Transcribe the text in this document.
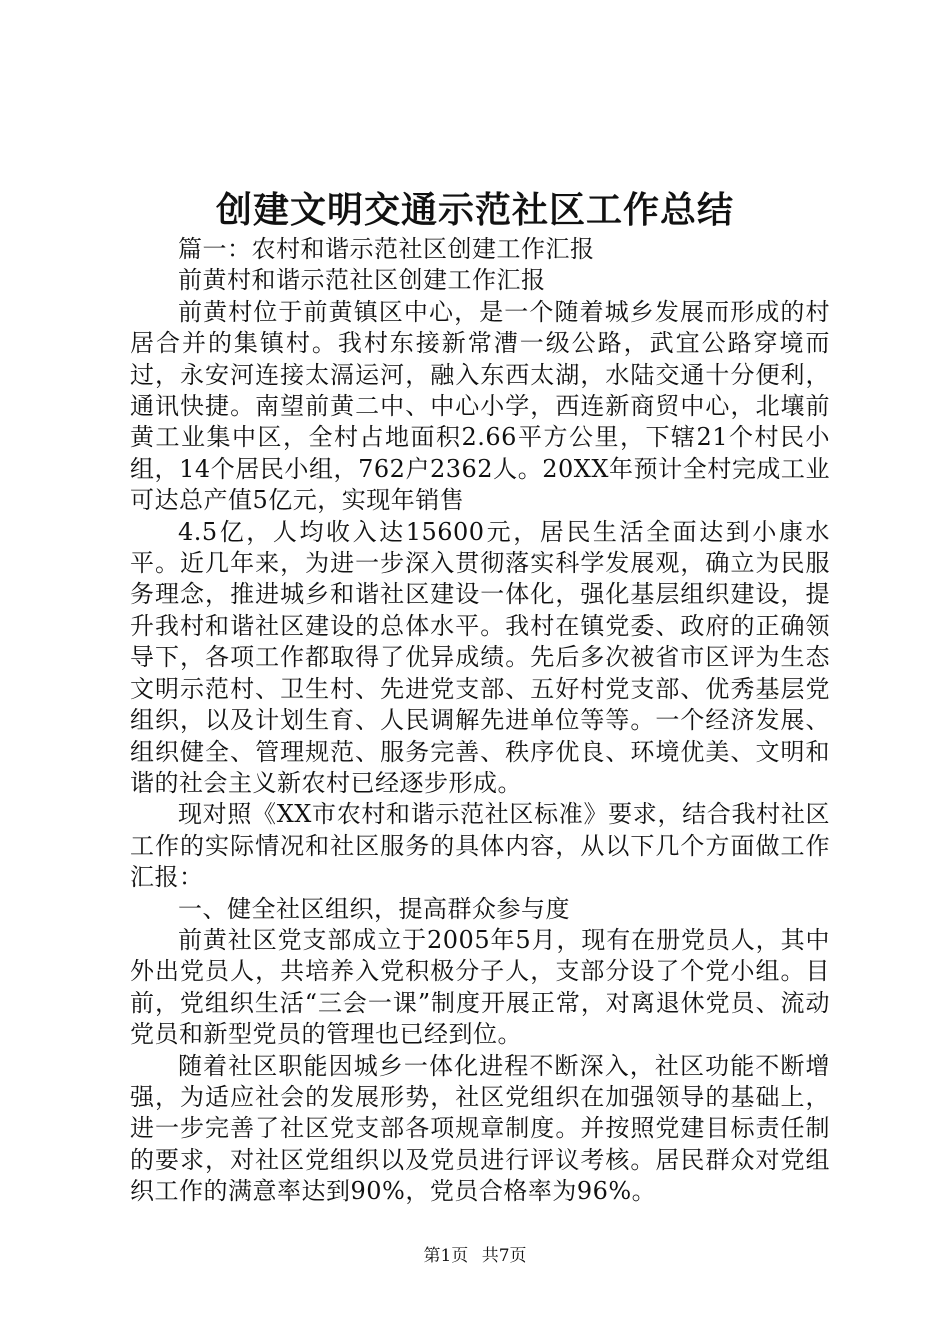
创建文明交通示范社区工作总结

篇一：农村和谐示范社区创建工作汇报

前黄村和谐示范社区创建工作汇报

前黄村位于前黄镇区中心，是一个随着城乡发展而形成的村居合并的集镇村。我村东接新常漕一级公路，武宜公路穿境而过，永安河连接太滆运河，融入东西太湖，水陆交通十分便利，通讯快捷。南望前黄二中、中心小学，西连新商贸中心，北壤前黄工业集中区，全村占地面积2.66平方公里，下辖21个村民小组，14个居民小组，762户2362人。20XX年预计全村完成工业可达总产值5亿元，实现年销售

4.5亿，人均收入达15600元，居民生活全面达到小康水平。近几年来，为进一步深入贯彻落实科学发展观，确立为民服务理念，推进城乡和谐社区建设一体化，强化基层组织建设，提升我村和谐社区建设的总体水平。我村在镇党委、政府的正确领导下，各项工作都取得了优异成绩。先后多次被省市区评为生态文明示范村、卫生村、先进党支部、五好村党支部、优秀基层党组织，以及计划生育、人民调解先进单位等等。一个经济发展、组织健全、管理规范、服务完善、秩序优良、环境优美、文明和谐的社会主义新农村已经逐步形成。

现对照《XX市农村和谐示范社区标准》要求，结合我村社区工作的实际情况和社区服务的具体内容，从以下几个方面做工作汇报：

一、健全社区组织，提高群众参与度

前黄社区党支部成立于2005年5月，现有在册党员人，其中外出党员人，共培养入党积极分子人，支部分设了个党小组。目前，党组织生活“三会一课”制度开展正常，对离退休党员、流动党员和新型党员的管理也已经到位。

随着社区职能因城乡一体化进程不断深入，社区功能不断增强，为适应社会的发展形势，社区党组织在加强领导的基础上，进一步完善了社区党支部各项规章制度。并按照党建目标责任制的要求，对社区党组织以及党员进行评议考核。居民群众对党组织工作的满意率达到90%，党员合格率为96%。

第1页 共7页
